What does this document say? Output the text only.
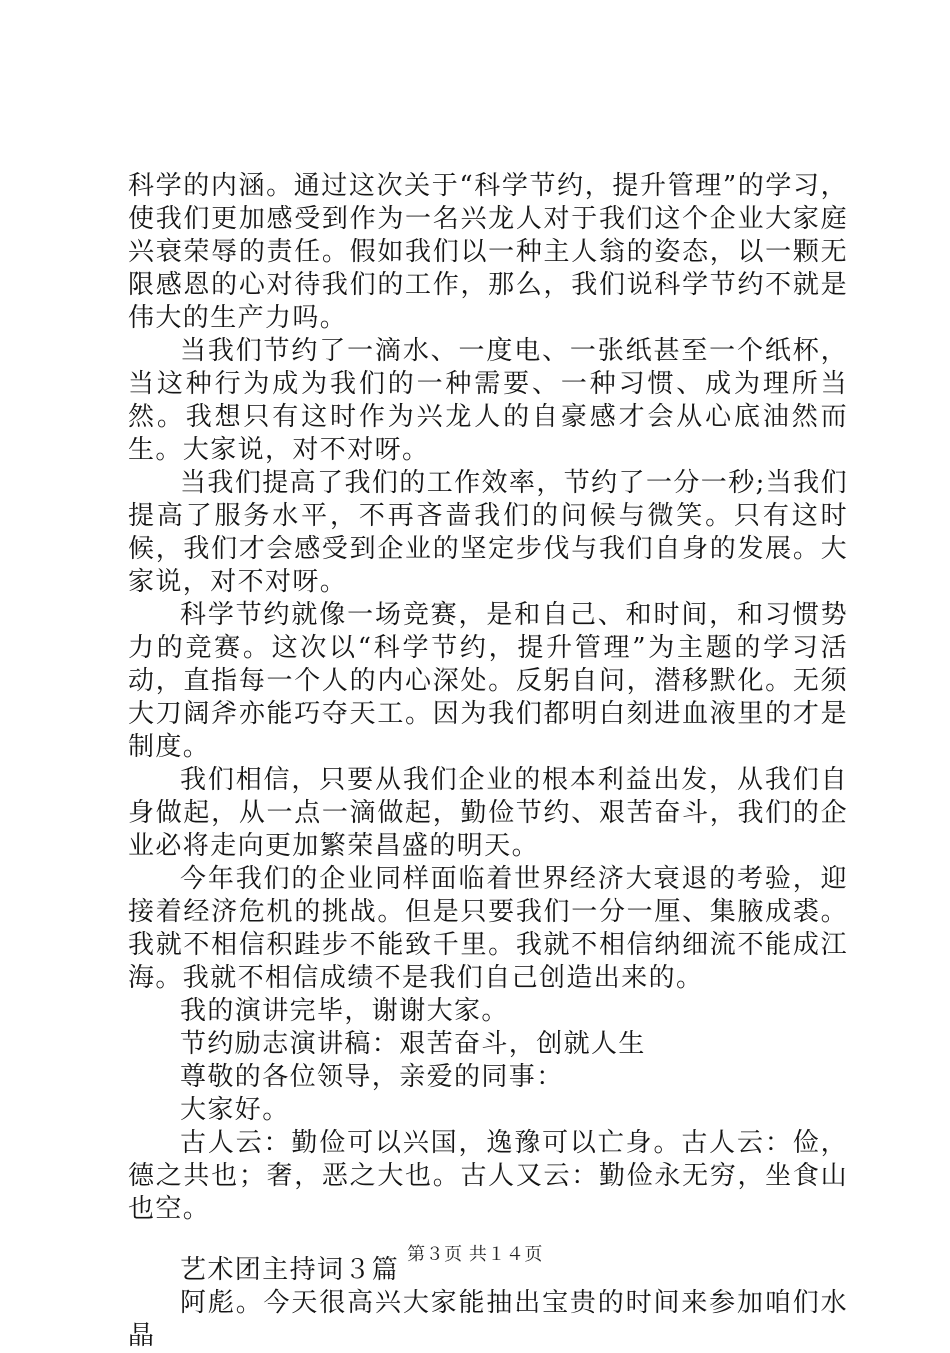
科学的内涵。通过这次关于“科学节约，提升管理”的学习，使我们更加感受到作为一名兴龙人对于我们这个企业大家庭兴衰荣辱的责任。假如我们以一种主人翁的姿态，以一颗无限感恩的心对待我们的工作，那么，我们说科学节约不就是伟大的生产力吗。

当我们节约了一滴水、一度电、一张纸甚至一个纸杯，当这种行为成为我们的一种需要、一种习惯、成为理所当然。我想只有这时作为兴龙人的自豪感才会从心底油然而生。大家说，对不对呀。

当我们提高了我们的工作效率，节约了一分一秒;当我们提高了服务水平，不再吝啬我们的问候与微笑。只有这时候，我们才会感受到企业的坚定步伐与我们自身的发展。大家说，对不对呀。

科学节约就像一场竞赛，是和自己、和时间，和习惯势力的竞赛。这次以“科学节约，提升管理”为主题的学习活动，直指每一个人的内心深处。反躬自问，潜移默化。无须大刀阔斧亦能巧夺天工。因为我们都明白刻进血液里的才是制度。

我们相信，只要从我们企业的根本利益出发，从我们自身做起，从一点一滴做起，勤俭节约、艰苦奋斗，我们的企业必将走向更加繁荣昌盛的明天。

今年我们的企业同样面临着世界经济大衰退的考验，迎接着经济危机的挑战。但是只要我们一分一厘、集腋成裘。我就不相信积跬步不能致千里。我就不相信纳细流不能成江海。我就不相信成绩不是我们自己创造出来的。

我的演讲完毕，谢谢大家。

节约励志演讲稿：艰苦奋斗，创就人生

尊敬的各位领导，亲爱的同事：

大家好。

古人云：勤俭可以兴国，逸豫可以亡身。古人云：俭，德之共也；奢，恶之大也。古人又云：勤俭永无穷，坐食山也空。

艺术团主持词３篇

阿彪。今天很高兴大家能抽出宝贵的时间来参加咱们水晶

第３页 共１４页
